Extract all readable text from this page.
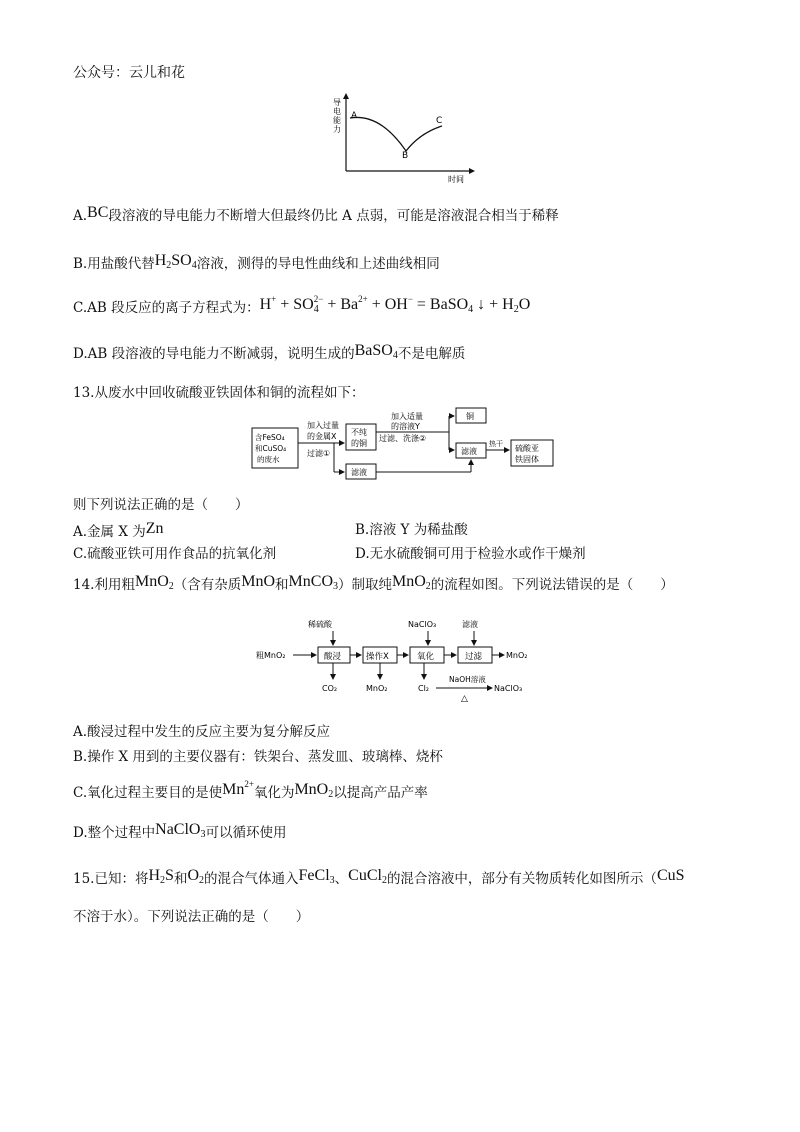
公众号：云儿和花
导
电
能
力
A
B
C
时间
A.BC段溶液的导电能力不断增大但最终仍比 A 点弱，可能是溶液混合相当于稀释
B.用盐酸代替$H_2SO_4$溶液，测得的导电性曲线和上述曲线相同
C.AB 段反应的离子方程式为：$H^+ + SO_4^{2-} + Ba^{2+} + OH^-$ = BaSO$_4$ ↓ + $H_2O$
D.AB 段溶液的导电能力不断减弱，说明生成的BaSO$_4$不是电解质
13.从废水中回收硫酸亚铁固体和铜的流程如下：
含FeSO₄
和CuSO₄
的废水
加入过量
的金属X
过滤①
不纯
的铜
加入适量
的溶液Y
过滤、洗涤②
铜
滤液
热干 硫酸亚
铁固体
滤液
则下列说法正确的是（　　）
A.金属 X 为Zn	B.溶液 Y 为稀盐酸
C.硫酸亚铁可用作食品的抗氧化剂	D.无水硫酸铜可用于检验水或作干燥剂
14.利用粗MnO$_2$（含有杂质MnO和MnCO$_3$）制取纯MnO$_2$的流程如图。下列说法错误的是（　　）
稀硫酸	NaClO₃	滤液
粗MnO₂	酸浸	操作X	氧化	过滤	MnO₂
CO₂	MnO₂	Cl₂
NaOH溶液
△
NaClO₃
A.酸浸过程中发生的反应主要为复分解反应
B.操作 X 用到的主要仪器有：铁架台、蒸发皿、玻璃棒、烧杯
C.氧化过程主要目的是使$Mn^{2+}$氧化为MnO$_2$以提高产品产率
D.整个过程中NaClO$_3$可以循环使用
15.已知：将$H_2S$和$O_2$的混合气体通入FeCl$_3$、CuCl$_2$的混合溶液中，部分有关物质转化如图所示（CuS
不溶于水）。下列说法正确的是（　　）
